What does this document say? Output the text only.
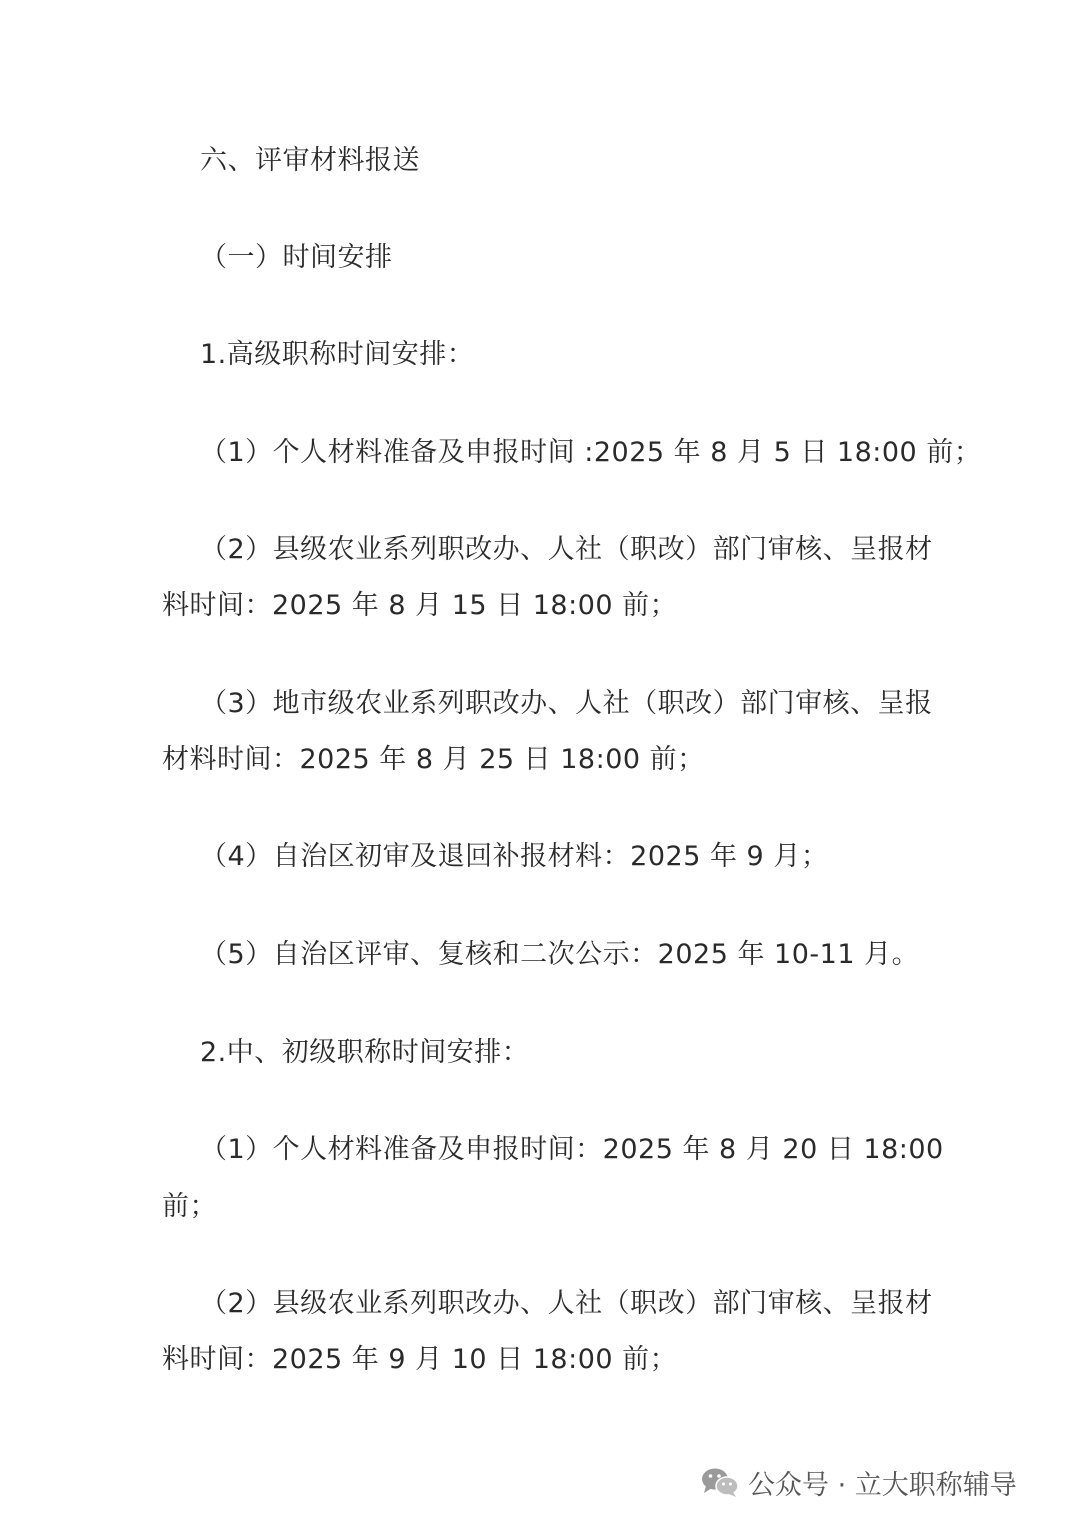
六、评审材料报送
（一）时间安排
1.高级职称时间安排：
（1）个人材料准备及申报时间 :2025 年 8 月 5 日 18:00 前；
（2）县级农业系列职改办、人社（职改）部门审核、呈报材
料时间：2025 年 8 月 15 日 18:00 前；
（3）地市级农业系列职改办、人社（职改）部门审核、呈报
材料时间：2025 年 8 月 25 日 18:00 前；
（4）自治区初审及退回补报材料：2025 年 9 月；
（5）自治区评审、复核和二次公示：2025 年 10-11 月。
2.中、初级职称时间安排：
（1）个人材料准备及申报时间：2025 年 8 月 20 日 18:00
前；
（2）县级农业系列职改办、人社（职改）部门审核、呈报材
料时间：2025 年 9 月 10 日 18:00 前；
公众号 · 立大职称辅导
